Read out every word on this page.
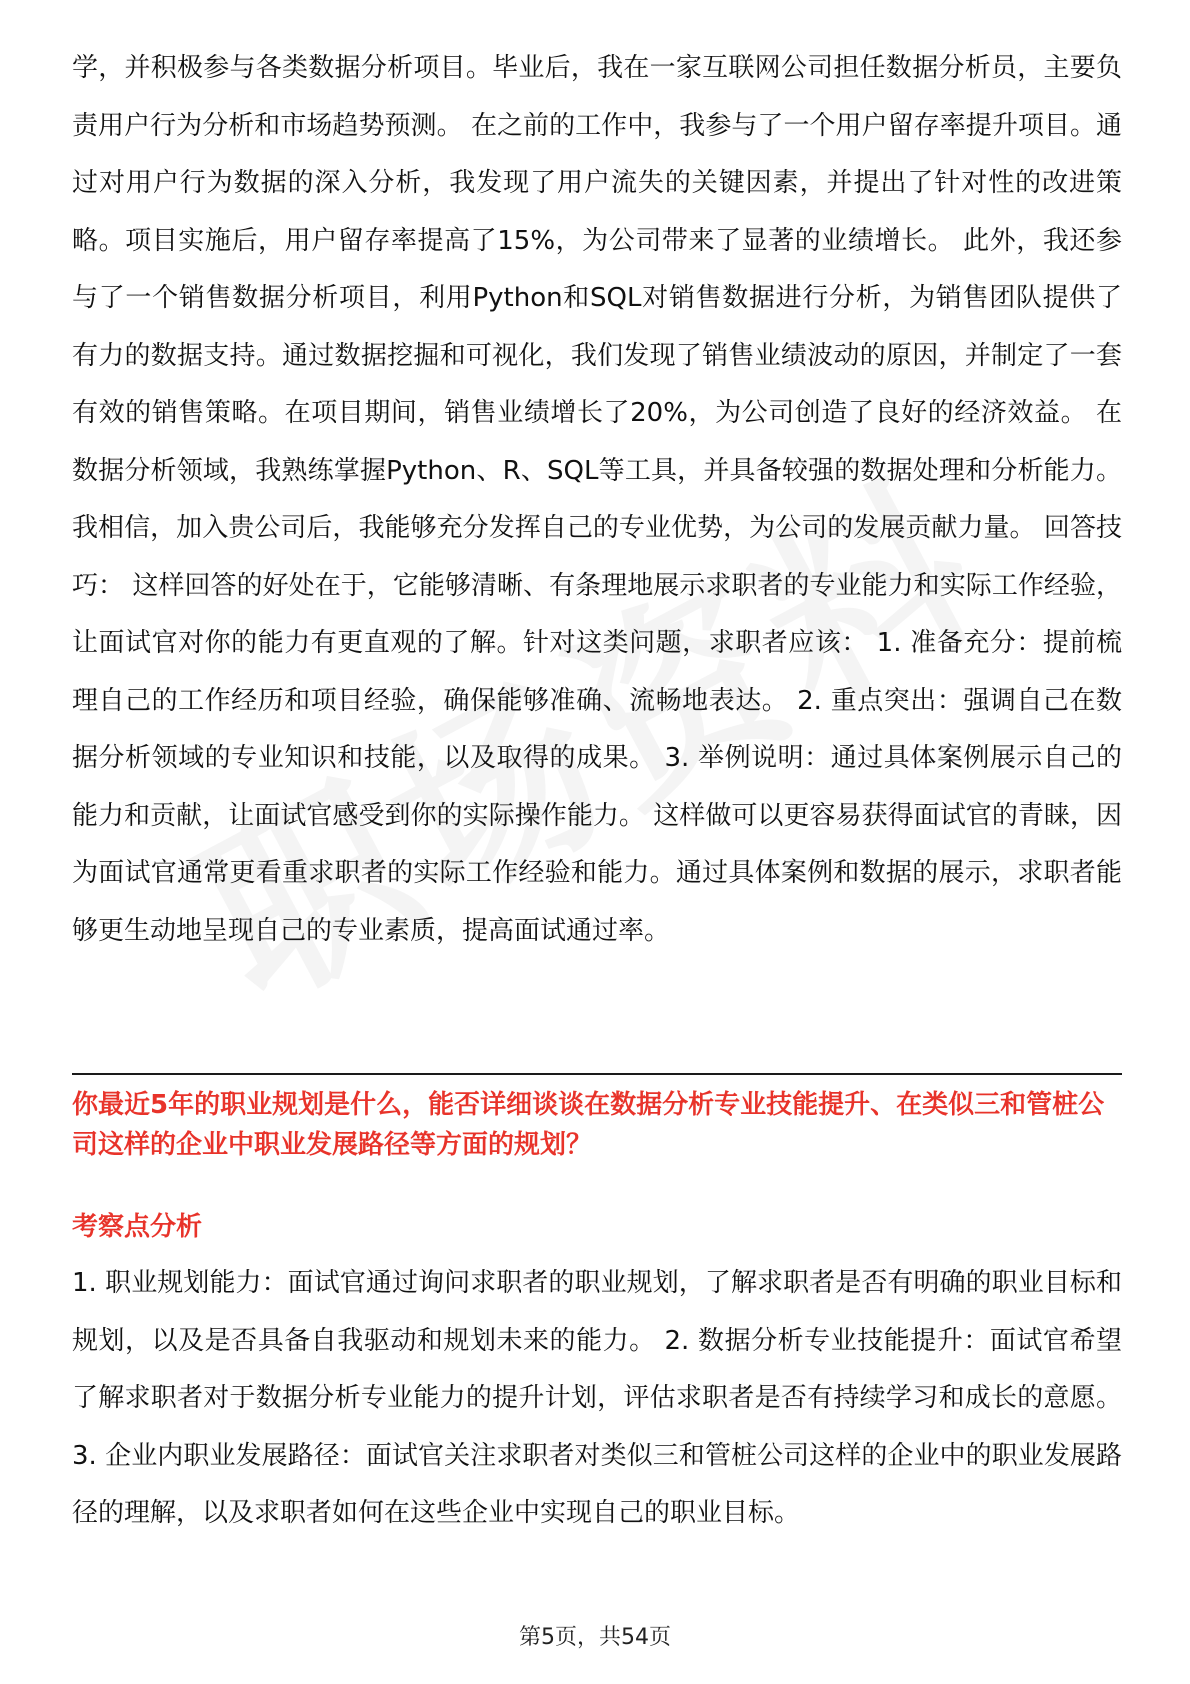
学，并积极参与各类数据分析项目。毕业后，我在一家互联网公司担任数据分析员，主要负责用户行为分析和市场趋势预测。 在之前的工作中，我参与了一个用户留存率提升项目。通过对用户行为数据的深入分析，我发现了用户流失的关键因素，并提出了针对性的改进策略。项目实施后，用户留存率提高了15%，为公司带来了显著的业绩增长。 此外，我还参与了一个销售数据分析项目，利用Python和SQL对销售数据进行分析，为销售团队提供了有力的数据支持。通过数据挖掘和可视化，我们发现了销售业绩波动的原因，并制定了一套有效的销售策略。在项目期间，销售业绩增长了20%，为公司创造了良好的经济效益。 在数据分析领域，我熟练掌握Python、R、SQL等工具，并具备较强的数据处理和分析能力。我相信，加入贵公司后，我能够充分发挥自己的专业优势，为公司的发展贡献力量。 回答技巧： 这样回答的好处在于，它能够清晰、有条理地展示求职者的专业能力和实际工作经验，让面试官对你的能力有更直观的了解。针对这类问题，求职者应该： 1. 准备充分：提前梳理自己的工作经历和项目经验，确保能够准确、流畅地表达。 2. 重点突出：强调自己在数据分析领域的专业知识和技能，以及取得的成果。 3. 举例说明：通过具体案例展示自己的能力和贡献，让面试官感受到你的实际操作能力。 这样做可以更容易获得面试官的青睐，因为面试官通常更看重求职者的实际工作经验和能力。通过具体案例和数据的展示，求职者能够更生动地呈现自己的专业素质，提高面试通过率。

你最近5年的职业规划是什么，能否详细谈谈在数据分析专业技能提升、在类似三和管桩公司这样的企业中职业发展路径等方面的规划？

考察点分析

1. 职业规划能力：面试官通过询问求职者的职业规划，了解求职者是否有明确的职业目标和规划，以及是否具备自我驱动和规划未来的能力。 2. 数据分析专业技能提升：面试官希望了解求职者对于数据分析专业能力的提升计划，评估求职者是否有持续学习和成长的意愿。 3. 企业内职业发展路径：面试官关注求职者对类似三和管桩公司这样的企业中的职业发展路径的理解，以及求职者如何在这些企业中实现自己的职业目标。

第5页，共54页
